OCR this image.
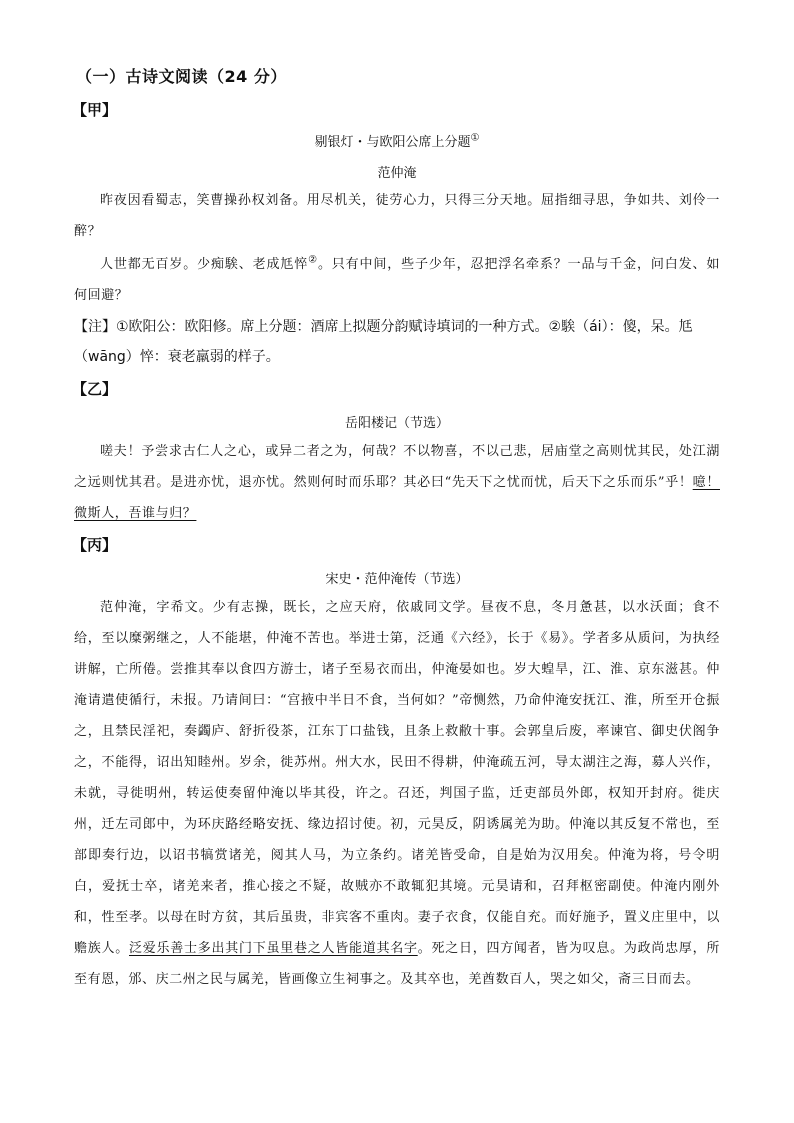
（一）古诗文阅读（24 分）
【甲】
剔银灯・与欧阳公席上分题①
范仲淹
昨夜因看蜀志，笑曹操孙权刘备。用尽机关，徒劳心力，只得三分天地。屈指细寻思，争如共、刘伶一醉？
人世都无百岁。少痴騃、老成尪悴②。只有中间，些子少年，忍把浮名牵系？一品与千金，问白发、如何回避？
【注】①欧阳公：欧阳修。席上分题：酒席上拟题分韵赋诗填词的一种方式。②騃（ái）：傻，呆。尪（wāng）悴：衰老羸弱的样子。
【乙】
岳阳楼记（节选）
嗟夫！予尝求古仁人之心，或异二者之为，何哉？不以物喜，不以己悲，居庙堂之高则忧其民，处江湖之远则忧其君。是进亦忧，退亦忧。然则何时而乐耶？其必曰“先天下之忧而忧，后天下之乐而乐”乎！噫！微斯人，吾谁与归？
【丙】
宋史・范仲淹传（节选）
范仲淹，字希文。少有志操，既长，之应天府，依戚同文学。昼夜不息，冬月惫甚，以水沃面；食不给，至以糜粥继之，人不能堪，仲淹不苦也。举进士第，泛通《六经》，长于《易》。学者多从质问，为执经讲解，亡所倦。尝推其奉以食四方游士，诸子至易衣而出，仲淹晏如也。岁大蝗旱，江、淮、京东滋甚。仲淹请遣使循行，未报。乃请间曰：“宫掖中半日不食，当何如？”帝恻然，乃命仲淹安抚江、淮，所至开仓振之，且禁民淫祀，奏蠲庐、舒折役茶，江东丁口盐钱，且条上救敝十事。会郭皇后废，率谏官、御史伏阁争之，不能得，诏出知睦州。岁余，徙苏州。州大水，民田不得耕，仲淹疏五河，导太湖注之海，募人兴作，未就，寻徙明州，转运使奏留仲淹以毕其役，许之。召还，判国子监，迁吏部员外郎，权知开封府。徙庆州，迁左司郎中，为环庆路经略安抚、缘边招讨使。初，元昊反，阴诱属羌为助。仲淹以其反复不常也，至部即奏行边，以诏书犒赏诸羌，阅其人马，为立条约。诸羌皆受命，自是始为汉用矣。仲淹为将，号令明白，爱抚士卒，诸羌来者，推心接之不疑，故贼亦不敢辄犯其境。元昊请和，召拜枢密副使。仲淹内刚外和，性至孝。以母在时方贫，其后虽贵，非宾客不重肉。妻子衣食，仅能自充。而好施予，置义庄里中，以赡族人。泛爱乐善士多出其门下虽里巷之人皆能道其名字。死之日，四方闻者，皆为叹息。为政尚忠厚，所至有恩，邠、庆二州之民与属羌，皆画像立生祠事之。及其卒也，羌酋数百人，哭之如父，斋三日而去。
